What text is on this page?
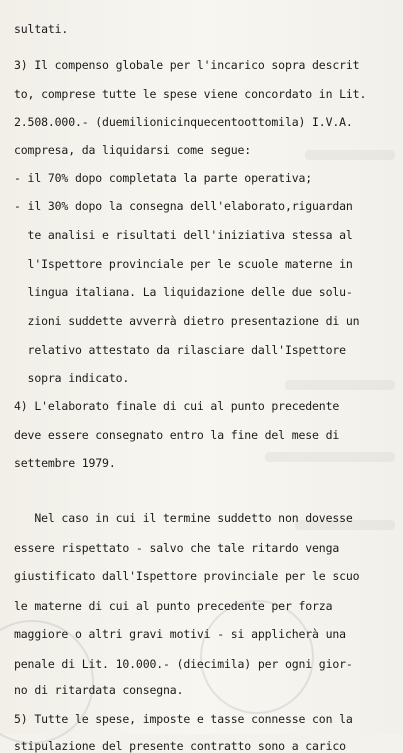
sultati.
3) Il compenso globale per l'incarico sopra descrit
to, comprese tutte le spese viene concordato in Lit.
2.508.000.- (duemilionicinquecentoottomila) I.V.A.
compresa, da liquidarsi come segue:
- il 70% dopo completata la parte operativa;
- il 30% dopo la consegna dell'elaborato,riguardan
te analisi e risultati dell'iniziativa stessa al
l'Ispettore provinciale per le scuole materne in
lingua italiana. La liquidazione delle due solu-
zioni suddette avverrà dietro presentazione di un
relativo attestato da rilasciare dall'Ispettore
sopra indicato.
4) L'elaborato finale di cui al punto precedente
deve essere consegnato entro la fine del mese di
settembre 1979.
Nel caso in cui il termine suddetto non dovesse
essere rispettato - salvo che tale ritardo venga
giustificato dall'Ispettore provinciale per le scuo
le materne di cui al punto precedente per forza
maggiore o altri gravi motivi - si applicherà una
penale di Lit. 10.000.- (diecimila) per ogni gior-
no di ritardata consegna.
5) Tutte le spese, imposte e tasse connesse con la
stipulazione del presente contratto sono a carico
